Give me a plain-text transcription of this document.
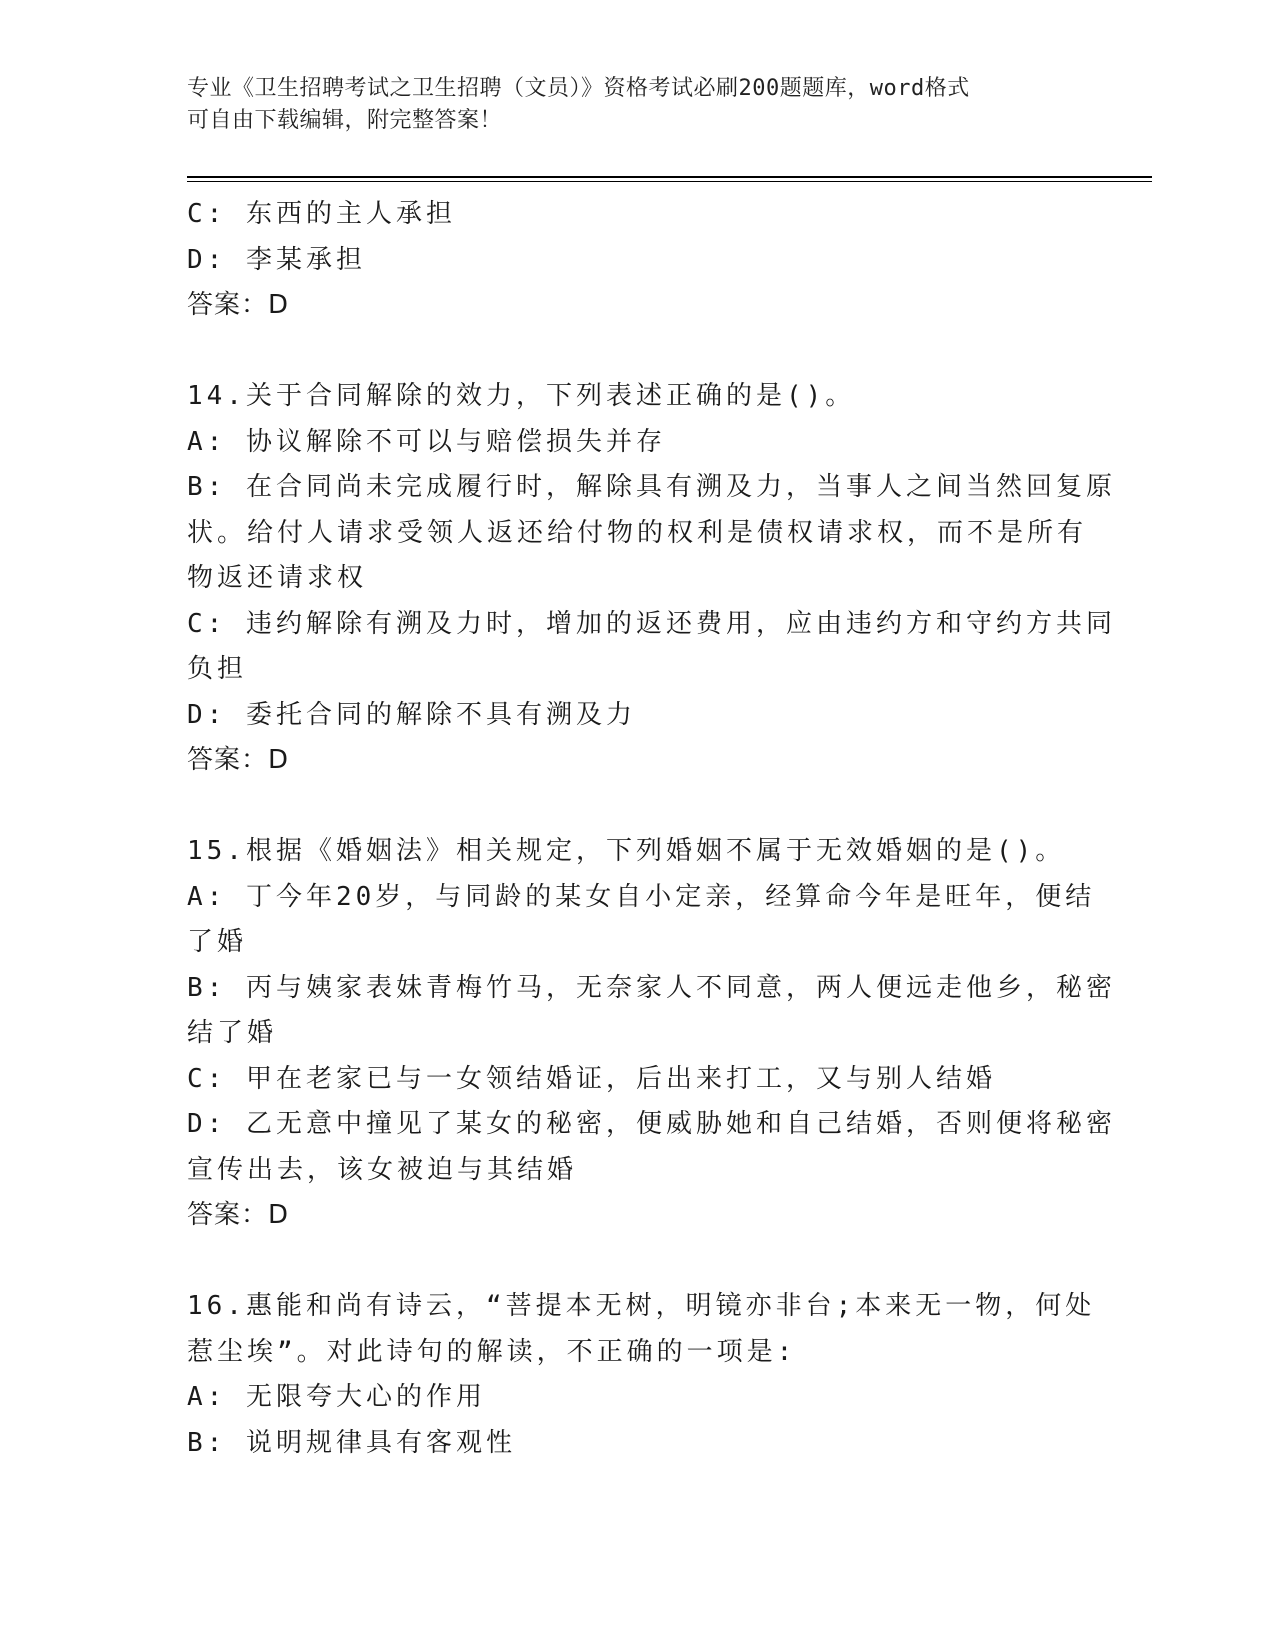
专业《卫生招聘考试之卫生招聘（文员）》资格考试必刷200题题库，word格式
可自由下载编辑，附完整答案！

C: 东西的主人承担

D: 李某承担

答案：D

14.关于合同解除的效力，下列表述正确的是()。

A: 协议解除不可以与赔偿损失并存

B: 在合同尚未完成履行时，解除具有溯及力，当事人之间当然回复原

状。给付人请求受领人返还给付物的权利是债权请求权，而不是所有

物返还请求权

C: 违约解除有溯及力时，增加的返还费用，应由违约方和守约方共同

负担

D: 委托合同的解除不具有溯及力

答案：D

15.根据《婚姻法》相关规定，下列婚姻不属于无效婚姻的是()。

A: 丁今年20岁，与同龄的某女自小定亲，经算命今年是旺年，便结

了婚

B: 丙与姨家表妹青梅竹马，无奈家人不同意，两人便远走他乡，秘密

结了婚

C: 甲在老家已与一女领结婚证，后出来打工，又与别人结婚

D: 乙无意中撞见了某女的秘密，便威胁她和自己结婚，否则便将秘密

宣传出去，该女被迫与其结婚

答案：D

16.惠能和尚有诗云，“菩提本无树，明镜亦非台;本来无一物，何处

惹尘埃”。对此诗句的解读，不正确的一项是:

A: 无限夸大心的作用

B: 说明规律具有客观性
